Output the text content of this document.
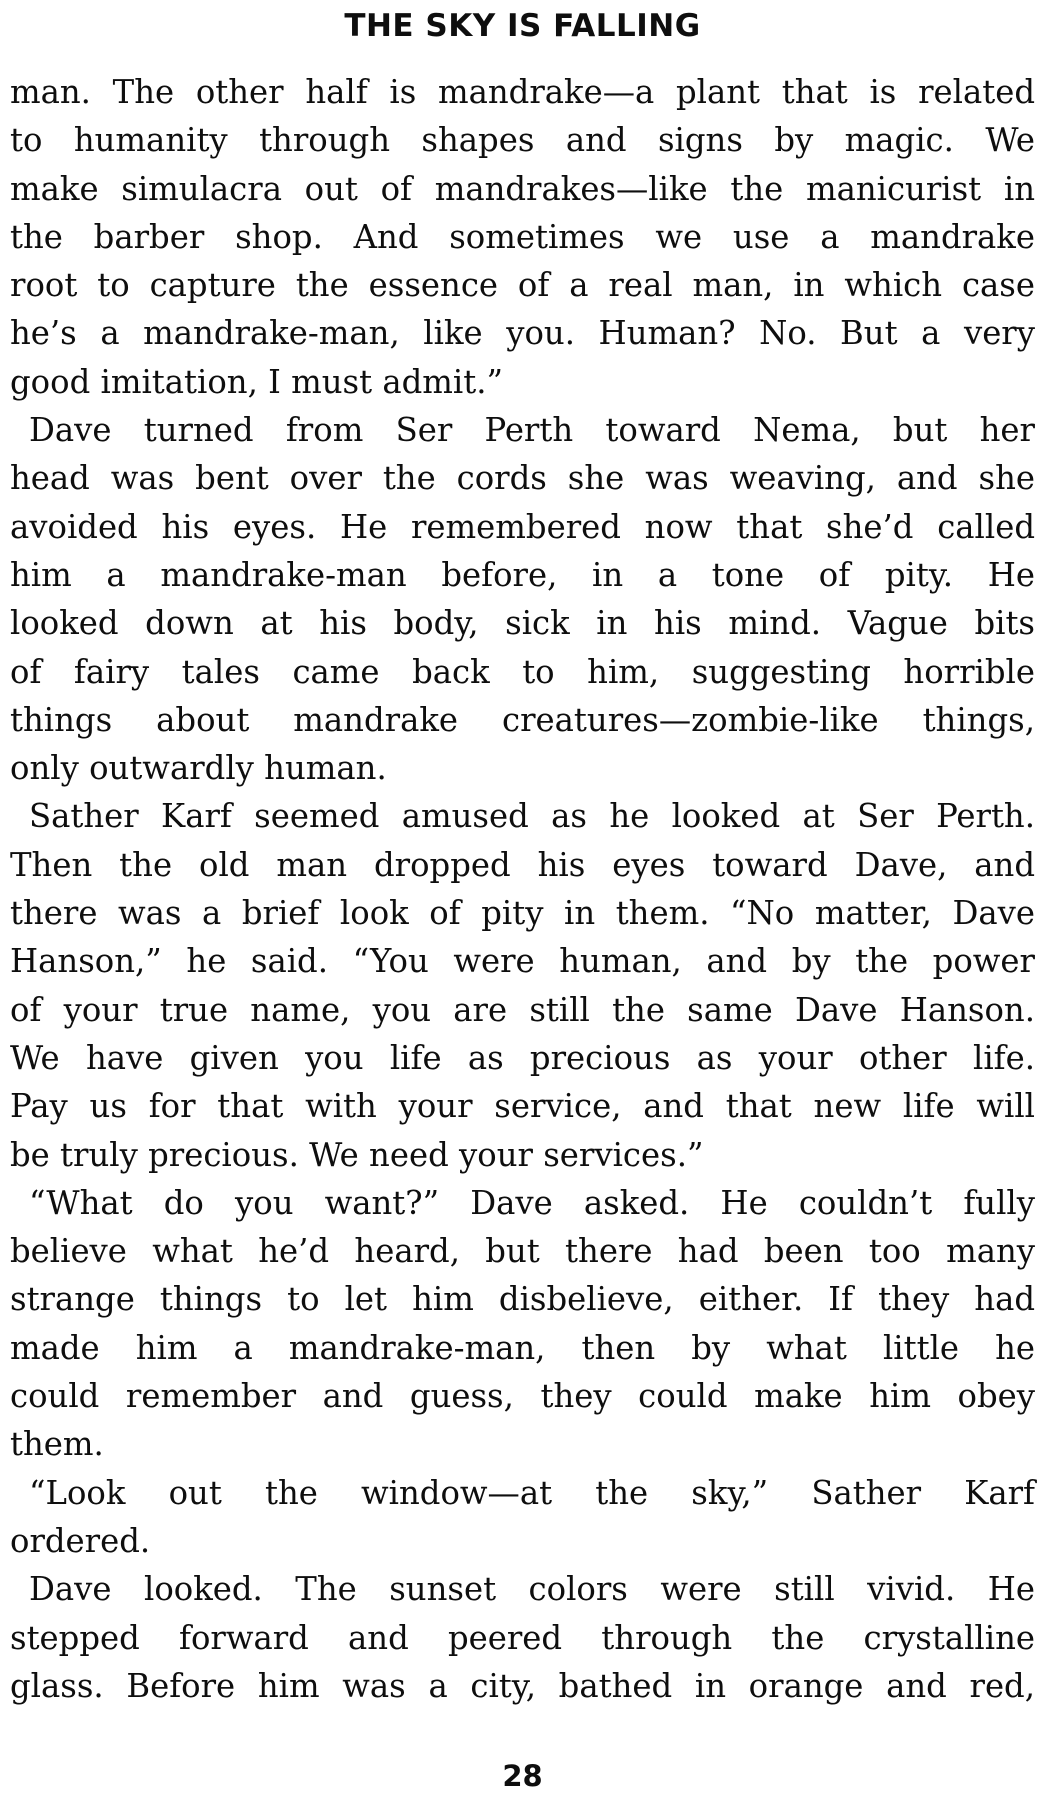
THE SKY IS FALLING
man. The other half is mandrake—a plant that is related
to humanity through shapes and signs by magic. We
make simulacra out of mandrakes—like the manicurist in
the barber shop. And sometimes we use a mandrake
root to capture the essence of a real man, in which case
he’s a mandrake-man, like you. Human? No. But a very
good imitation, I must admit.”
Dave turned from Ser Perth toward Nema, but her
head was bent over the cords she was weaving, and she
avoided his eyes. He remembered now that she’d called
him a mandrake-man before, in a tone of pity. He
looked down at his body, sick in his mind. Vague bits
of fairy tales came back to him, suggesting horrible
things about mandrake creatures—zombie-like things,
only outwardly human.
Sather Karf seemed amused as he looked at Ser Perth.
Then the old man dropped his eyes toward Dave, and
there was a brief look of pity in them. “No matter, Dave
Hanson,” he said. “You were human, and by the power
of your true name, you are still the same Dave Hanson.
We have given you life as precious as your other life.
Pay us for that with your service, and that new life will
be truly precious. We need your services.”
“What do you want?” Dave asked. He couldn’t fully
believe what he’d heard, but there had been too many
strange things to let him disbelieve, either. If they had
made him a mandrake-man, then by what little he
could remember and guess, they could make him obey
them.
“Look out the window—at the sky,” Sather Karf
ordered.
Dave looked. The sunset colors were still vivid. He
stepped forward and peered through the crystalline
glass. Before him was a city, bathed in orange and red,
28
